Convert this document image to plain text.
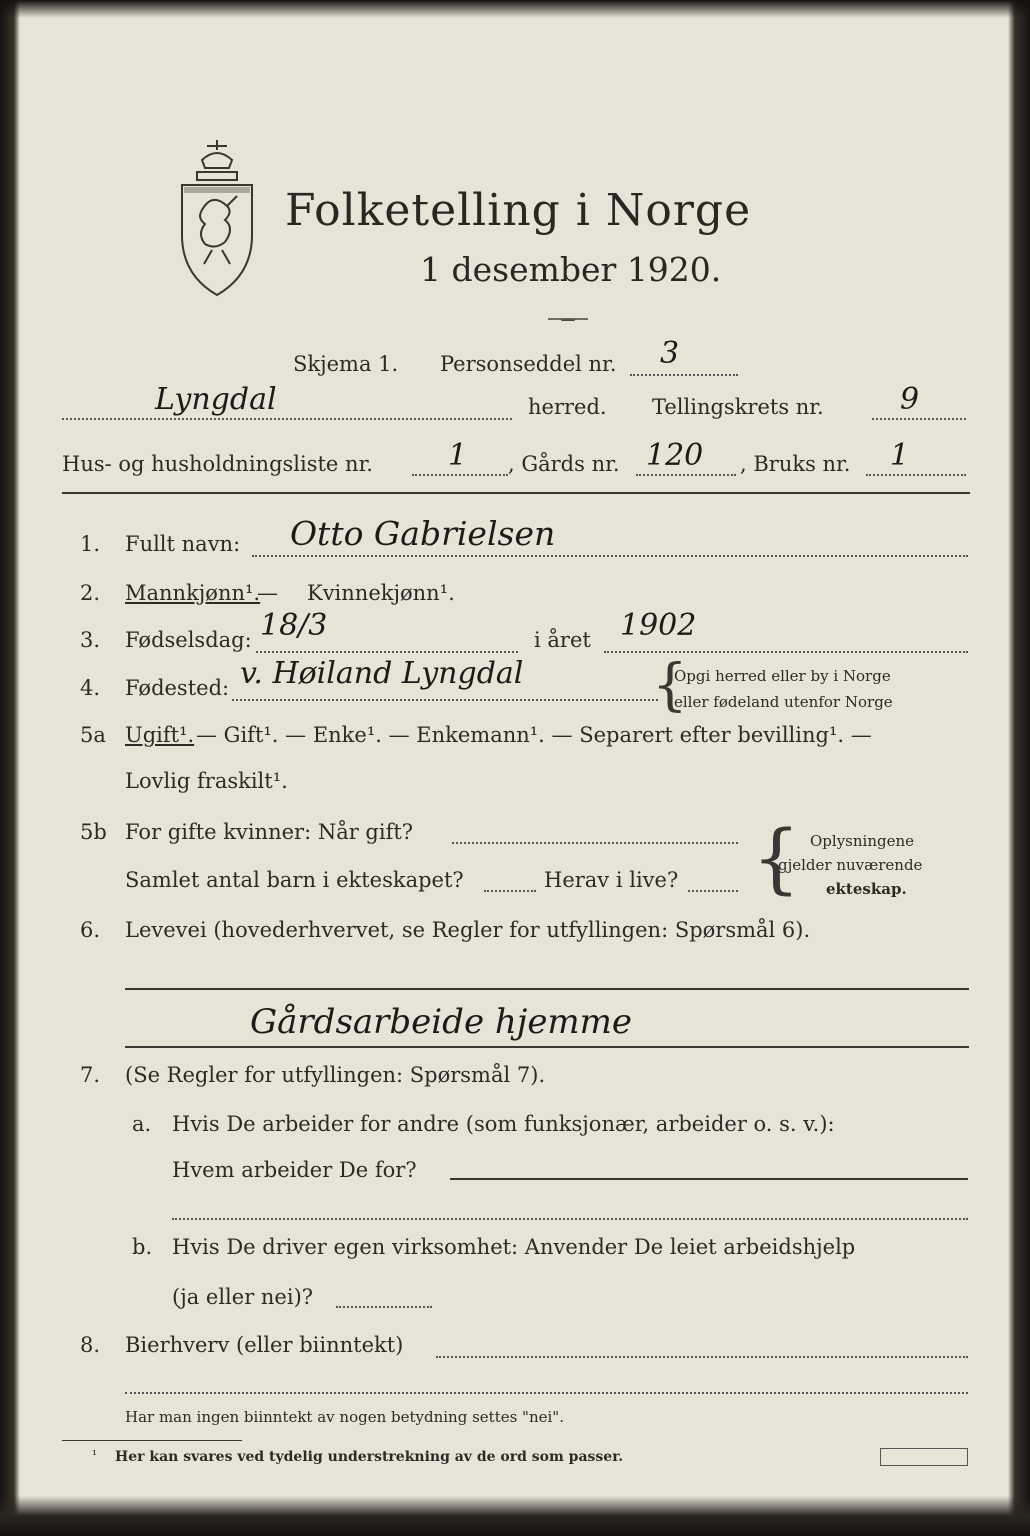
Folketelling i Norge
1 desember 1920.
Skjema 1. Personseddel nr. 3
Lyngdal	herred. Tellingskrets nr.	9
Hus- og husholdningsliste nr.	1 , Gårds nr. 120 , Bruks nr. 1
1. Fullt navn: Otto Gabrielsen
2. Mannkjønn¹.
— Kvinnekjønn¹.
3. Fødselsdag: 18/3	i året 1902
4. Fødested: v. Høiland Lyngdal {
Opgi herred eller by i Norge
eller fødeland utenfor Norge
5a Ugift¹. — Gift¹. — Enke¹. — Enkemann¹. — Separert efter bevilling¹. —
Lovlig fraskilt¹.
5b For gifte kvinner: Når gift?
Samlet antal barn i ekteskapet?	Herav i live? { Oplysningene
gjelder nuværende
ekteskap.
6. Levevei (hovederhvervet, se Regler for utfyllingen: Spørsmål 6).
Gårdsarbeide hjemme
7. (Se Regler for utfyllingen: Spørsmål 7).
a. Hvis De arbeider for andre (som funksjonær, arbeider o. s. v.):
Hvem arbeider De for?
b. Hvis De driver egen virksomhet: Anvender De leiet arbeidshjelp
(ja eller nei)?
8. Bierhverv (eller biinntekt)
Har man ingen biinntekt av nogen betydning settes "nei".
¹ Her kan svares ved tydelig understrekning av de ord som passer.
